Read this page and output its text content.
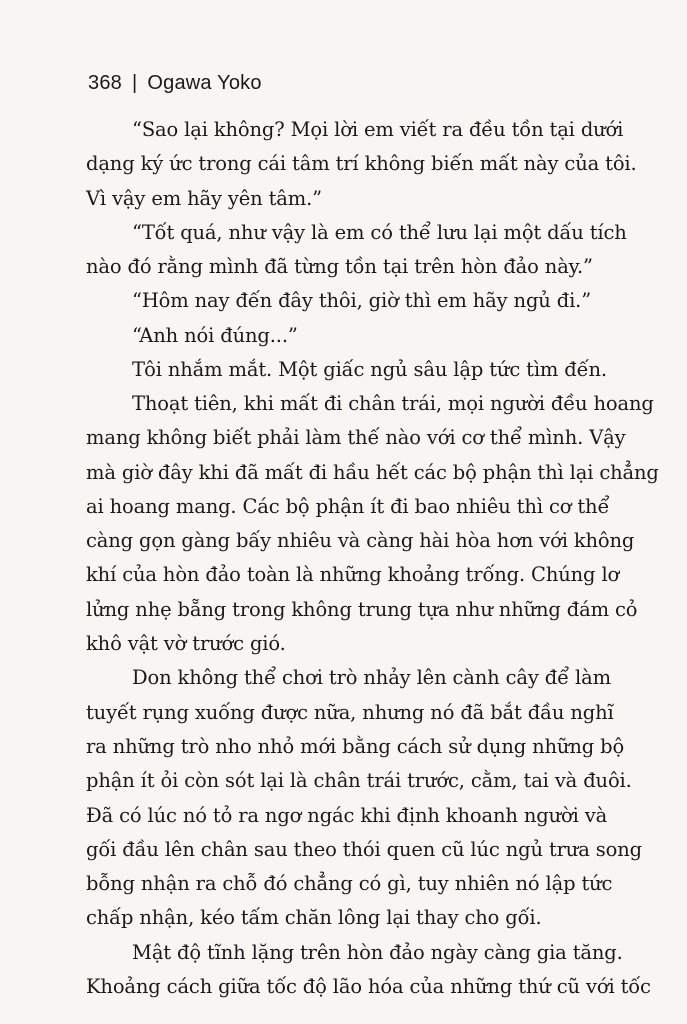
368 | Ogawa Yoko
“Sao lại không? Mọi lời em viết ra đều tồn tại dưới
dạng ký ức trong cái tâm trí không biến mất này của tôi.
Vì vậy em hãy yên tâm.”
“Tốt quá, như vậy là em có thể lưu lại một dấu tích
nào đó rằng mình đã từng tồn tại trên hòn đảo này.”
“Hôm nay đến đây thôi, giờ thì em hãy ngủ đi.”
“Anh nói đúng...”
Tôi nhắm mắt. Một giấc ngủ sâu lập tức tìm đến.
Thoạt tiên, khi mất đi chân trái, mọi người đều hoang
mang không biết phải làm thế nào với cơ thể mình. Vậy
mà giờ đây khi đã mất đi hầu hết các bộ phận thì lại chẳng
ai hoang mang. Các bộ phận ít đi bao nhiêu thì cơ thể
càng gọn gàng bấy nhiêu và càng hài hòa hơn với không
khí của hòn đảo toàn là những khoảng trống. Chúng lơ
lửng nhẹ bẵng trong không trung tựa như những đám cỏ
khô vật vờ trước gió.
Don không thể chơi trò nhảy lên cành cây để làm
tuyết rụng xuống được nữa, nhưng nó đã bắt đầu nghĩ
ra những trò nho nhỏ mới bằng cách sử dụng những bộ
phận ít ỏi còn sót lại là chân trái trước, cằm, tai và đuôi.
Đã có lúc nó tỏ ra ngơ ngác khi định khoanh người và
gối đầu lên chân sau theo thói quen cũ lúc ngủ trưa song
bỗng nhận ra chỗ đó chẳng có gì, tuy nhiên nó lập tức
chấp nhận, kéo tấm chăn lông lại thay cho gối.
Mật độ tĩnh lặng trên hòn đảo ngày càng gia tăng.
Khoảng cách giữa tốc độ lão hóa của những thứ cũ với tốc
